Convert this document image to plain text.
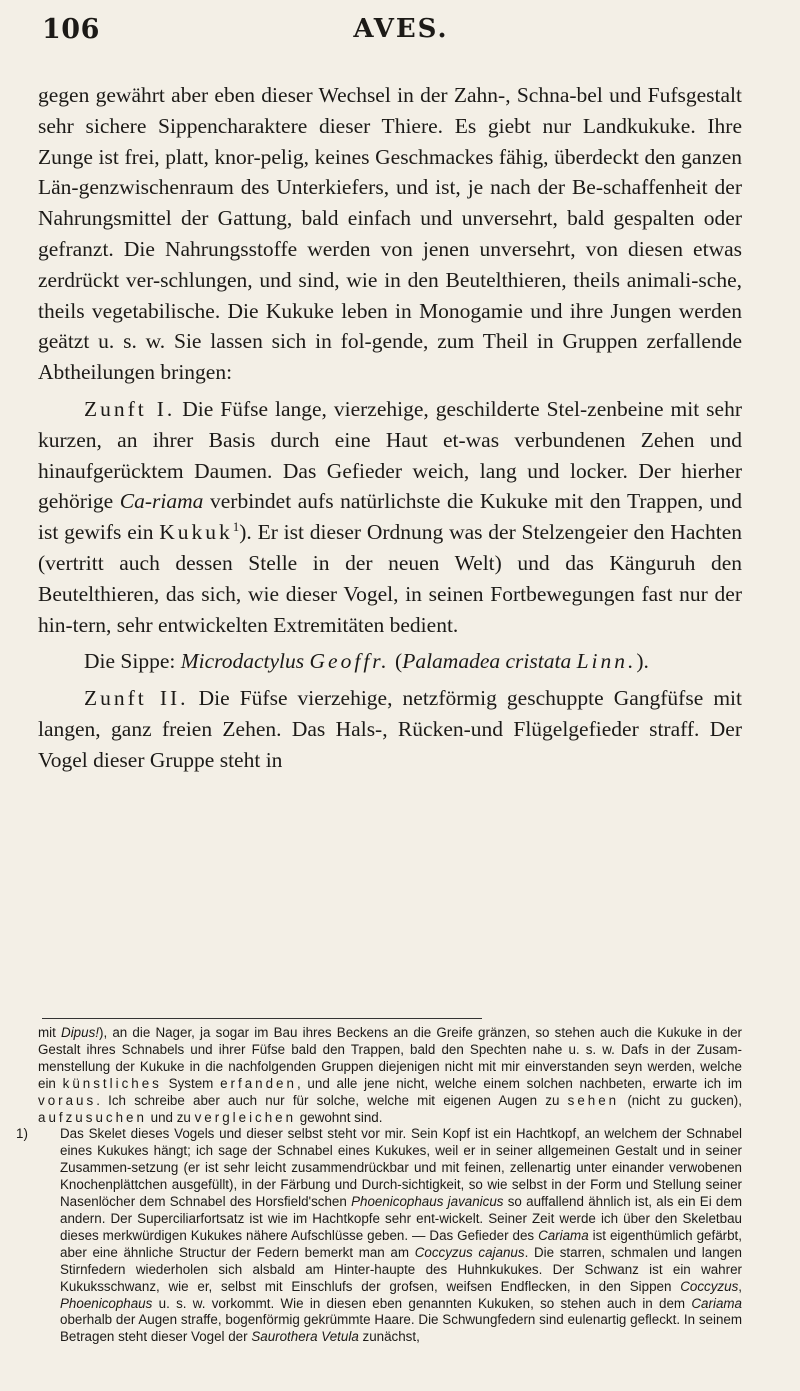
106	AVES.

gegen gewährt aber eben dieser Wechsel in der Zahn-, Schna-bel und Fufsgestalt sehr sichere Sippencharaktere dieser Thiere. Es giebt nur Landkukuke. Ihre Zunge ist frei, platt, knor-pelig, keines Geschmackes fähig, überdeckt den ganzen Län-genzwischenraum des Unterkiefers, und ist, je nach der Be-schaffenheit der Nahrungsmittel der Gattung, bald einfach und unversehrt, bald gespalten oder gefranzt. Die Nahrungsstoffe werden von jenen unversehrt, von diesen etwas zerdrückt ver-schlungen, und sind, wie in den Beutelthieren, theils animali-sche, theils vegetabilische. Die Kukuke leben in Monogamie und ihre Jungen werden geätzt u. s. w. Sie lassen sich in fol-gende, zum Theil in Gruppen zerfallende Abtheilungen bringen:

Zunft I. Die Füfse lange, vierzehige, geschilderte Stel-zenbeine mit sehr kurzen, an ihrer Basis durch eine Haut et-was verbundenen Zehen und hinaufgerücktem Daumen. Das Gefieder weich, lang und locker. Der hierher gehörige Ca-riama verbindet aufs natürlichste die Kukuke mit den Trappen, und ist gewifs ein Kukuk$^1$). Er ist dieser Ordnung was der Stelzengeier den Hachten (vertritt auch dessen Stelle in der neuen Welt) und das Känguruh den Beutelthieren, das sich, wie dieser Vogel, in seinen Fortbewegungen fast nur der hin-tern, sehr entwickelten Extremitäten bedient.

Die Sippe: Microdactylus Geoffr. (Palamadea cristata Linn.).

Zunft II. Die Füfse vierzehige, netzförmig geschuppte Gangfüfse mit langen, ganz freien Zehen. Das Hals-, Rücken-und Flügelgefieder straff. Der Vogel dieser Gruppe steht in

mit Dipus!), an die Nager, ja sogar im Bau ihres Beckens an die Greife gränzen, so stehen auch die Kukuke in der Gestalt ihres Schnabels und ihrer Füfse bald den Trappen, bald den Spechten nahe u. s. w. Dafs in der Zusam-menstellung der Kukuke in die nachfolgenden Gruppen diejenigen nicht mit mir einverstanden seyn werden, welche ein künstliches System erfanden, und alle jene nicht, welche einem solchen nachbeten, erwarte ich im voraus. Ich schreibe aber auch nur für solche, welche mit eigenen Augen zu sehen (nicht zu gucken), aufzusuchen und zu vergleichen gewohnt sind.

1) Das Skelet dieses Vogels und dieser selbst steht vor mir. Sein Kopf ist ein Hachtkopf, an welchem der Schnabel eines Kukukes hängt; ich sage der Schnabel eines Kukukes, weil er in seiner allgemeinen Gestalt und in seiner Zusammen-setzung (er ist sehr leicht zusammendrückbar und mit feinen, zellenartig unter einander verwobenen Knochenplättchen ausgefüllt), in der Färbung und Durch-sichtigkeit, so wie selbst in der Form und Stellung seiner Nasenlöcher dem Schnabel des Horsfield'schen Phoenicophaus javanicus so auffallend ähnlich ist, als ein Ei dem andern. Der Superciliarfortsatz ist wie im Hachtkopfe sehr ent-wickelt. Seiner Zeit werde ich über den Skeletbau dieses merkwürdigen Kukukes nähere Aufschlüsse geben. — Das Gefieder des Cariama ist eigenthümlich gefärbt, aber eine ähnliche Structur der Federn bemerkt man am Coccyzus cajanus. Die starren, schmalen und langen Stirnfedern wiederholen sich alsbald am Hinter-haupte des Huhnkukukes. Der Schwanz ist ein wahrer Kukuksschwanz, wie er, selbst mit Einschlufs der grofsen, weifsen Endflecken, in den Sippen Coccyzus, Phoenicophaus u. s. w. vorkommt. Wie in diesen eben genannten Kukuken, so stehen auch in dem Cariama oberhalb der Augen straffe, bogenförmig gekrümmte Haare. Die Schwungfedern sind eulenartig gefleckt. In seinem Betragen steht dieser Vogel der Saurothera Vetula zunächst,
